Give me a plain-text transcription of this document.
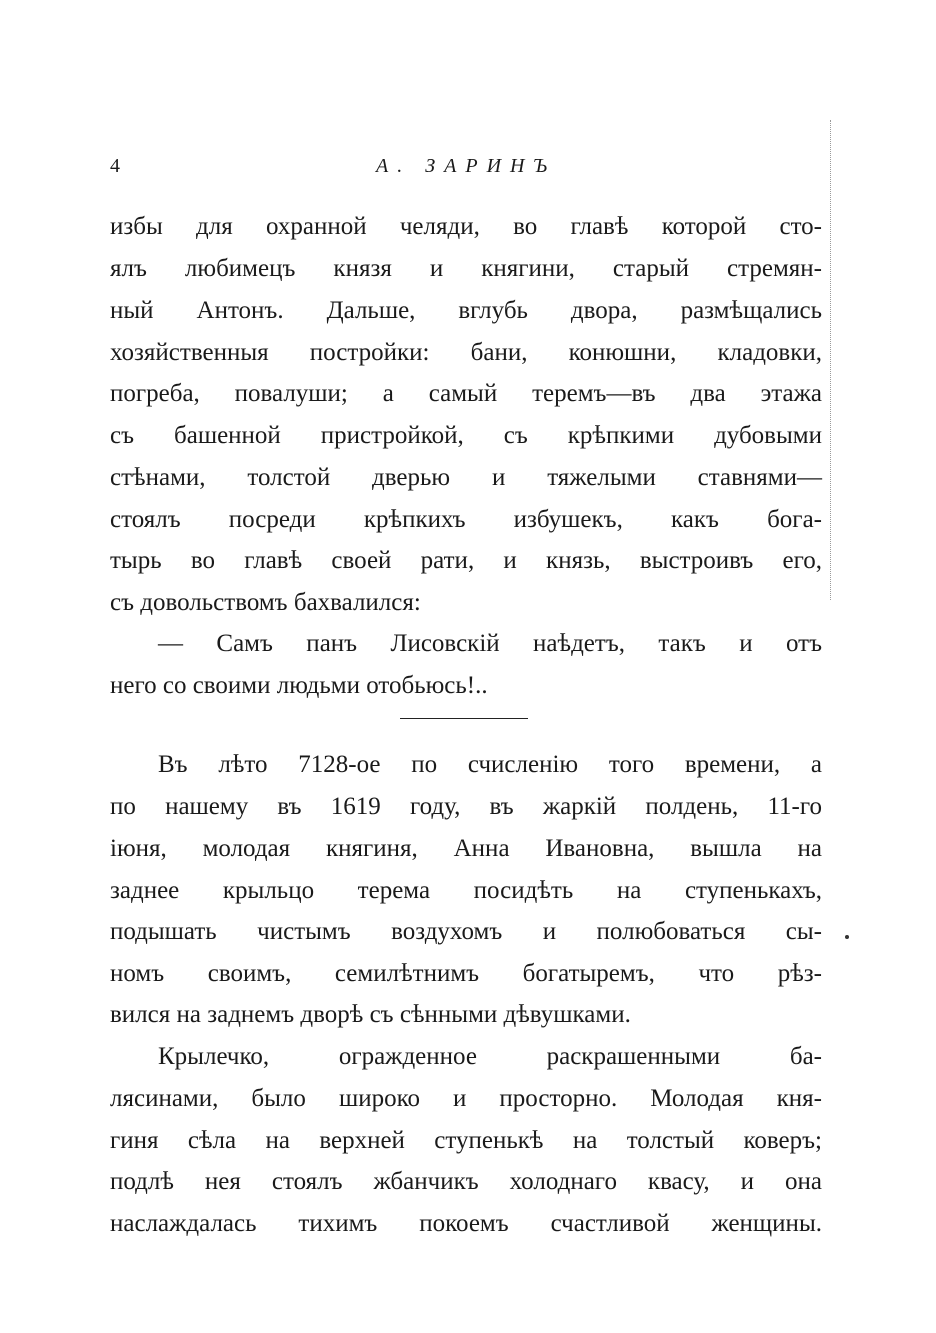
4	А. ЗАРИНЪ
избы для охранной челяди, во главѣ которой сто-
ялъ любимецъ князя и княгини, старый стремян-
ный Антонъ. Дальше, вглубь двора, размѣщались
хозяйственныя постройки: бани, конюшни, кладовки,
погреба, повалуши; а самый теремъ—въ два этажа
съ башенной пристройкой, съ крѣпкими дубовыми
стѣнами, толстой дверью и тяжелыми ставнями—
стоялъ посреди крѣпкихъ избушекъ, какъ бога-
тырь во главѣ своей рати, и князь, выстроивъ его,
съ довольствомъ бахвалился:
— Самъ панъ Лисовскій наѣдетъ, такъ и отъ
него со своими людьми отобьюсь!..
Въ лѣто 7128-ое по счисленію того времени, а
по нашему въ 1619 году, въ жаркій полдень, 11-го
іюня, молодая княгиня, Анна Ивановна, вышла на
заднее крыльцо терема посидѣть на ступенькахъ,
подышать чистымъ воздухомъ и полюбоваться сы-
номъ своимъ, семилѣтнимъ богатыремъ, что рѣз-
вился на заднемъ дворѣ съ сѣнными дѣвушками.
Крылечко, огражденное раскрашенными ба-
лясинами, было широко и просторно. Молодая кня-
гиня сѣла на верхней ступенькѣ на толстый коверъ;
подлѣ нея стоялъ жбанчикъ холоднаго квасу, и она
наслаждалась тихимъ покоемъ счастливой женщины.
